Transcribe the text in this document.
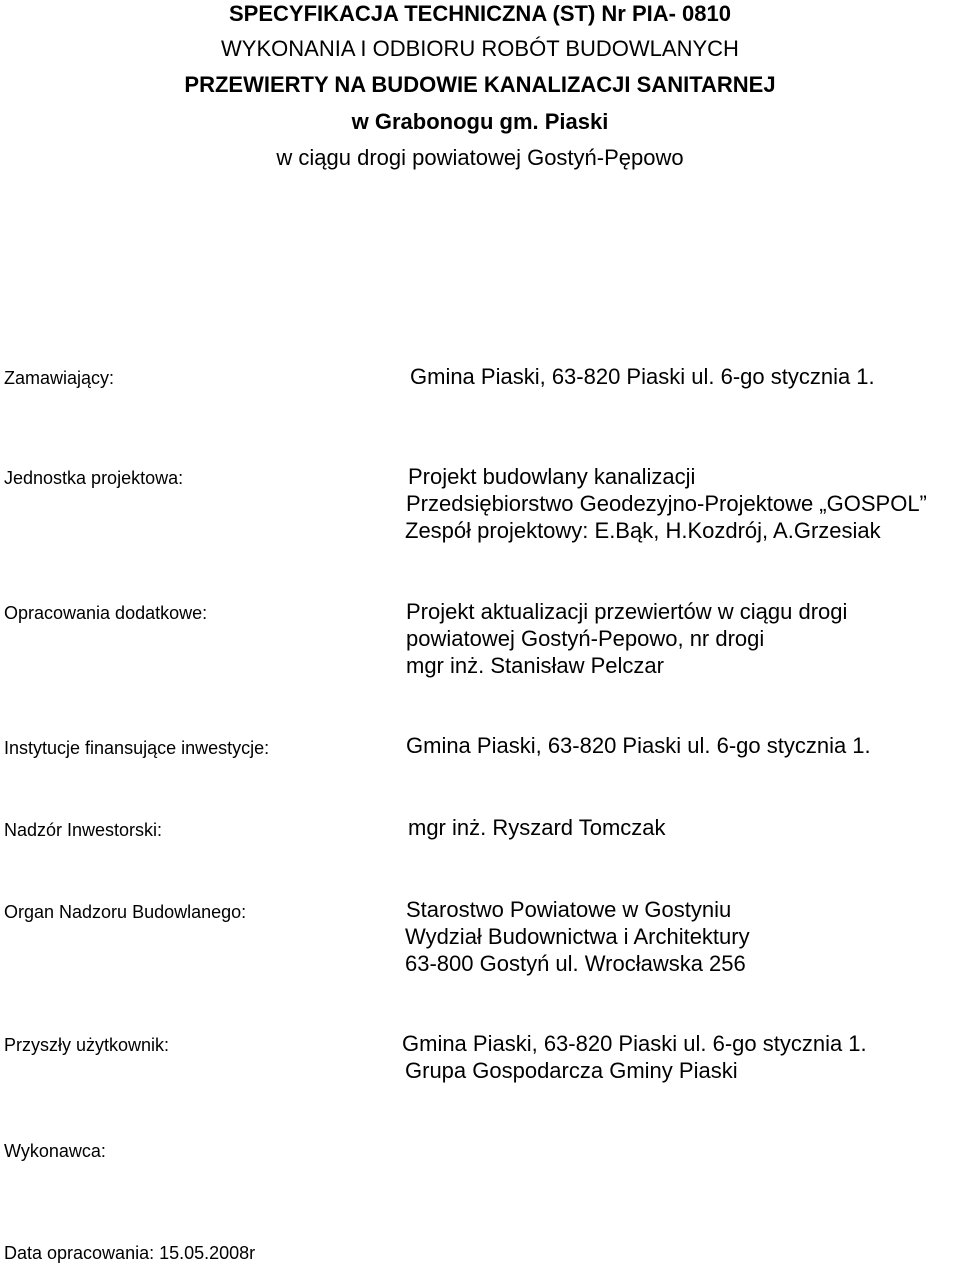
SPECYFIKACJA TECHNICZNA (ST) Nr PIA- 0810
WYKONANIA I ODBIORU ROBÓT BUDOWLANYCH
PRZEWIERTY NA BUDOWIE KANALIZACJI SANITARNEJ
w Grabonogu gm. Piaski
w ciągu drogi powiatowej Gostyń-Pępowo
Zamawiający:	Gmina Piaski, 63-820 Piaski ul. 6-go stycznia 1.
Jednostka projektowa:	Projekt budowlany kanalizacji
Przedsiębiorstwo Geodezyjno-Projektowe „GOSPOL”
Zespół projektowy: E.Bąk, H.Kozdrój, A.Grzesiak
Opracowania dodatkowe:	Projekt aktualizacji przewiertów w ciągu drogi
powiatowej Gostyń-Pepowo, nr drogi
mgr inż. Stanisław Pelczar
Instytucje finansujące inwestycje:	Gmina Piaski, 63-820 Piaski ul. 6-go stycznia 1.
Nadzór Inwestorski:	mgr inż. Ryszard Tomczak
Organ Nadzoru Budowlanego:	Starostwo Powiatowe w Gostyniu
Wydział Budownictwa i Architektury
63-800 Gostyń ul. Wrocławska 256
Przyszły użytkownik:	Gmina Piaski, 63-820 Piaski ul. 6-go stycznia 1.
Grupa Gospodarcza Gminy Piaski
Wykonawca:
Data opracowania: 15.05.2008r
